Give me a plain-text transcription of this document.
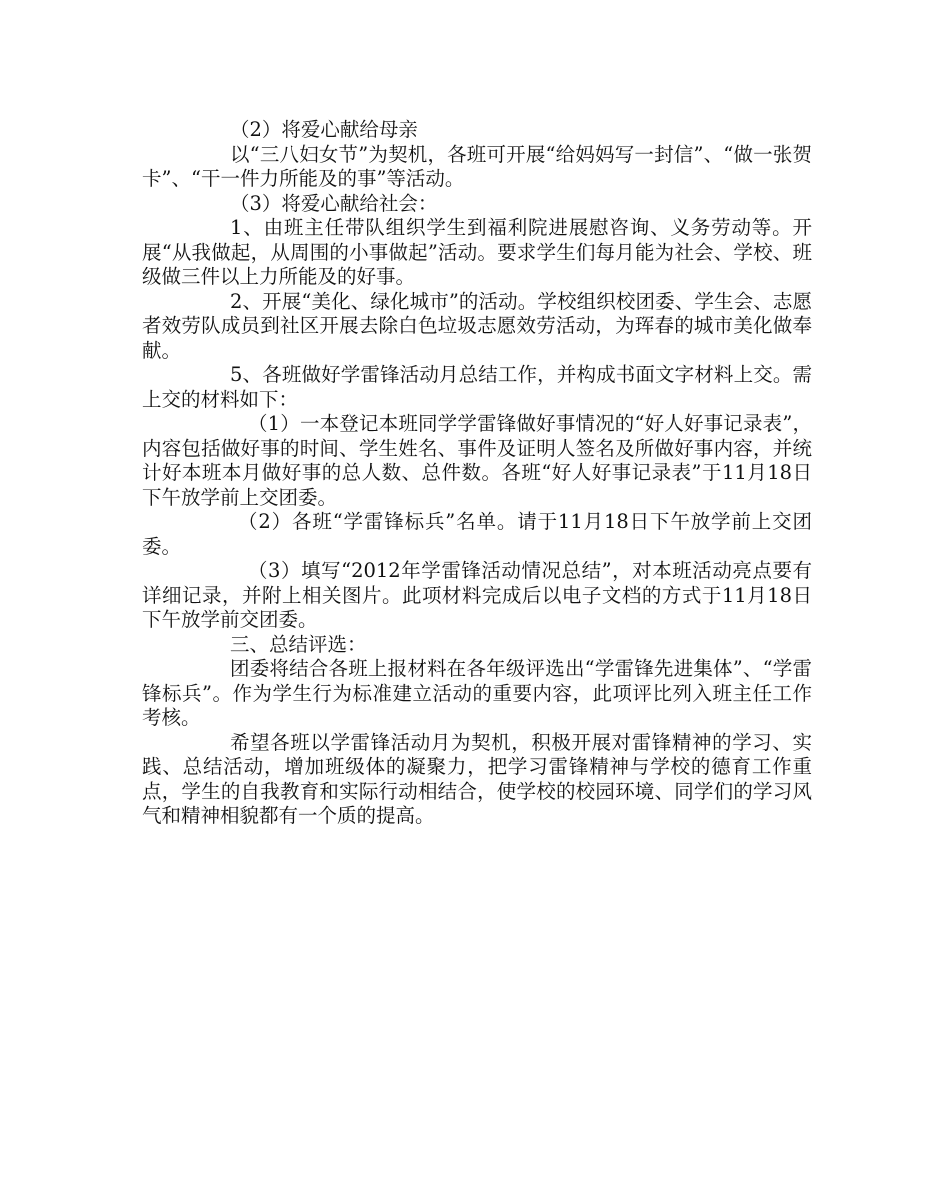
（2）将爱心献给母亲

以“三八妇女节”为契机，各班可开展“给妈妈写一封信”、“做一张贺卡”、“干一件力所能及的事”等活动。

（3）将爱心献给社会：

1、由班主任带队组织学生到福利院进展慰咨询、义务劳动等。开展“从我做起，从周围的小事做起”活动。要求学生们每月能为社会、学校、班级做三件以上力所能及的好事。

2、开展“美化、绿化城市”的活动。学校组织校团委、学生会、志愿者效劳队成员到社区开展去除白色垃圾志愿效劳活动，为珲春的城市美化做奉献。

5、各班做好学雷锋活动月总结工作，并构成书面文字材料上交。需上交的材料如下：

（1）一本登记本班同学学雷锋做好事情况的“好人好事记录表”，内容包括做好事的时间、学生姓名、事件及证明人签名及所做好事内容，并统计好本班本月做好事的总人数、总件数。各班“好人好事记录表”于11月18日下午放学前上交团委。

（2）各班“学雷锋标兵”名单。请于11月18日下午放学前上交团委。

（3）填写“2012年学雷锋活动情况总结”，对本班活动亮点要有详细记录，并附上相关图片。此项材料完成后以电子文档的方式于11月18日下午放学前交团委。

三、总结评选：

团委将结合各班上报材料在各年级评选出“学雷锋先进集体”、“学雷锋标兵”。作为学生行为标准建立活动的重要内容，此项评比列入班主任工作考核。

希望各班以学雷锋活动月为契机，积极开展对雷锋精神的学习、实践、总结活动，增加班级体的凝聚力，把学习雷锋精神与学校的德育工作重点，学生的自我教育和实际行动相结合，使学校的校园环境、同学们的学习风气和精神相貌都有一个质的提高。
